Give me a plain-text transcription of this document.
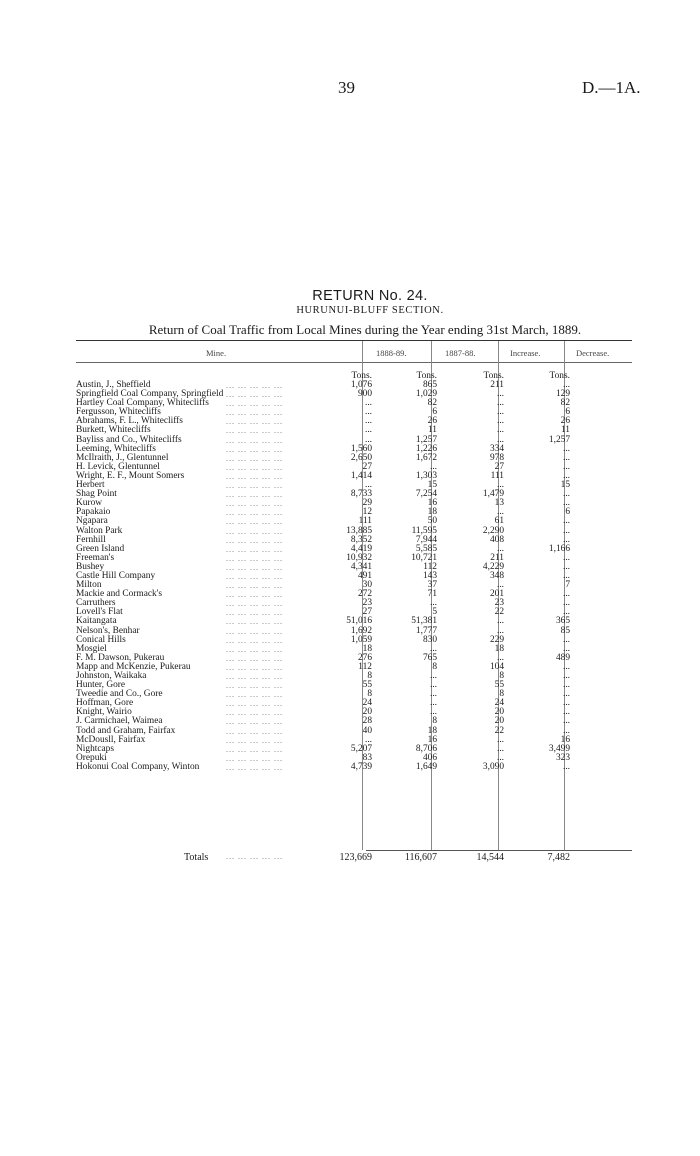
39	D.—1A.
RETURN No. 24.
HURUNUI-BLUFF SECTION.
Return of Coal Traffic from Local Mines during the Year ending 31st March, 1889.
Mine.	1888-89.	1887-88.	Increase.	Decrease.
Tons.	Tons.	Tons.	Tons.
Austin, J., Sheffield	... ... ... ... ...	1,076	865	211	...
Springfield Coal Company, Springfield ... ... ... ... ...	900	1,029	...	129
Hartley Coal Company, Whitecliffs ... ... ... ... ...	...	82	...	82
Fergusson, Whitecliffs	... ... ... ... ...	...	6	...	6
Abrahams, F. L., Whitecliffs	... ... ... ... ...	...	26	...	26
Burkett, Whitecliffs	... ... ... ... ...	...	11	...	11
Bayliss and Co., Whitecliffs	... ... ... ... ...	...	1,257	...	1,257
Leeming, Whitecliffs	... ... ... ... ...	1,560	1,226	334	...
McIlraith, J., Glentunnel	... ... ... ... ...	2,650	1,672	978	...
H. Levick, Glentunnel	... ... ... ... ...	27	...	27	...
Wright, E. F., Mount Somers	... ... ... ... ...	1,414	1,303	111	...
Herbert	... ... ... ... ...	...	15	...	15
Shag Point	... ... ... ... ...	8,733	7,254	1,479	...
Kurow	... ... ... ... ...	29	16	13	...
Papakaio	... ... ... ... ...	12	18	...	6
Ngapara	... ... ... ... ...	111	50	61	...
Walton Park	... ... ... ... ...	13,885	11,595	2,290	...
Fernhill	... ... ... ... ...	8,352	7,944	408	...
Green Island	... ... ... ... ...	4,419	5,585	...	1,166
Freeman's	... ... ... ... ...	10,932	10,721	211	...
Bushey	... ... ... ... ...	4,341	112	4,229	...
Castle Hill Company	... ... ... ... ...	491	143	348	...
Milton	... ... ... ... ...	30	37	...	7
Mackie and Cormack's	... ... ... ... ...	272	71	201	...
Carruthers	... ... ... ... ...	23	...	23	...
Lovell's Flat	... ... ... ... ...	27	5	22	...
Kaitangata	... ... ... ... ...	51,016	51,381	...	365
Nelson's, Benhar	... ... ... ... ...	1,692	1,777	...	85
Conical Hills	... ... ... ... ...	1,059	830	229	...
Mosgiel	... ... ... ... ...	18	...	18	...
F. M. Dawson, Pukerau	... ... ... ... ...	276	765	...	489
Mapp and McKenzie, Pukerau	... ... ... ... ...	112	8	104	...
Johnston, Waikaka	... ... ... ... ...	8	...	8	...
Hunter, Gore	... ... ... ... ...	55	...	55	...
Tweedie and Co., Gore	... ... ... ... ...	8	...	8	...
Hoffman, Gore	... ... ... ... ...	24	...	24	...
Knight, Wairio	... ... ... ... ...	20	...	20	...
J. Carmichael, Waimea	... ... ... ... ...	28	8	20	...
Todd and Graham, Fairfax	... ... ... ... ...	40	18	22	...
McDousll, Fairfax	... ... ... ... ...	...	16	...	16
Nightcaps	... ... ... ... ...	5,207	8,706	...	3,499
Orepuki	... ... ... ... ...	83	406	...	323
Hokonui Coal Company, Winton	... ... ... ... ...	4,739	1,649	3,090	...
Totals ... ... ... ... ...	123,669	116,607	14,544	7,482
